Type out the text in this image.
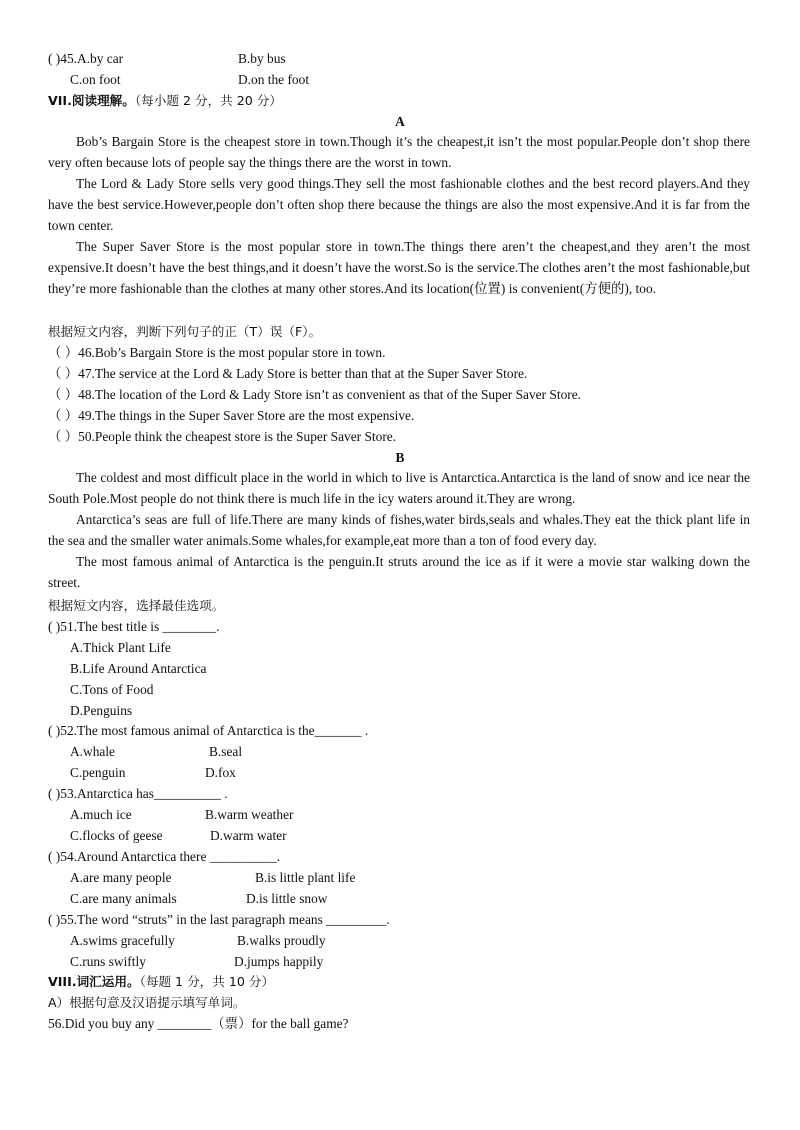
( )45.A.by car	B.by bus
C.on foot	D.on the foot
VII.阅读理解。（每小题 2 分，共 20 分）
A
Bob’s Bargain Store is the cheapest store in town.Though it’s the cheapest,it isn’t the most popular.People don’t shop there very often because lots of people say the things there are the worst in town.
The Lord & Lady Store sells very good things.They sell the most fashionable clothes and the best record players.And they have the best service.However,people don’t often shop there because the things are also the most expensive.And it is far from the town center.
The Super Saver Store is the most popular store in town.The things there aren’t the cheapest,and they aren’t the most expensive.It doesn’t have the best things,and it doesn’t have the worst.So is the service.The clothes aren’t the most fashionable,but they’re more fashionable than the clothes at many other stores.And its location(位置) is convenient(方便的), too.
根据短文内容，判断下列句子的正（T）误（F）。
（ ）46.Bob’s Bargain Store is the most popular store in town.
（ ）47.The service at the Lord & Lady Store is better than that at the Super Saver Store.
（ ）48.The location of the Lord & Lady Store isn’t as convenient as that of the Super Saver Store.
（ ）49.The things in the Super Saver Store are the most expensive.
（ ）50.People think the cheapest store is the Super Saver Store.
B
The coldest and most difficult place in the world in which to live is Antarctica.Antarctica is the land of snow and ice near the South Pole.Most people do not think there is much life in the icy waters around it.They are wrong.
Antarctica’s seas are full of life.There are many kinds of fishes,water birds,seals and whales.They eat the thick plant life in the sea and the smaller water animals.Some whales,for example,eat more than a ton of food every day.
The most famous animal of Antarctica is the penguin.It struts around the ice as if it were a movie star walking down the street.
根据短文内容，选择最佳选项。
( )51.The best title is ________.
A.Thick Plant Life
B.Life Around Antarctica
C.Tons of Food
D.Penguins
( )52.The most famous animal of Antarctica is the_______ .
A.whale	B.seal
C.penguin	D.fox
( )53.Antarctica has__________ .
A.much ice	B.warm weather
C.flocks of geese	D.warm water
( )54.Around Antarctica there __________.
A.are many people	B.is little plant life
C.are many animals	D.is little snow
( )55.The word “struts” in the last paragraph means _________.
A.swims gracefully	B.walks proudly
C.runs swiftly	D.jumps happily
VIII.词汇运用。（每题 1 分，共 10 分）
A）根据句意及汉语提示填写单词。
56.Did you buy any ________（票）for the ball game?
